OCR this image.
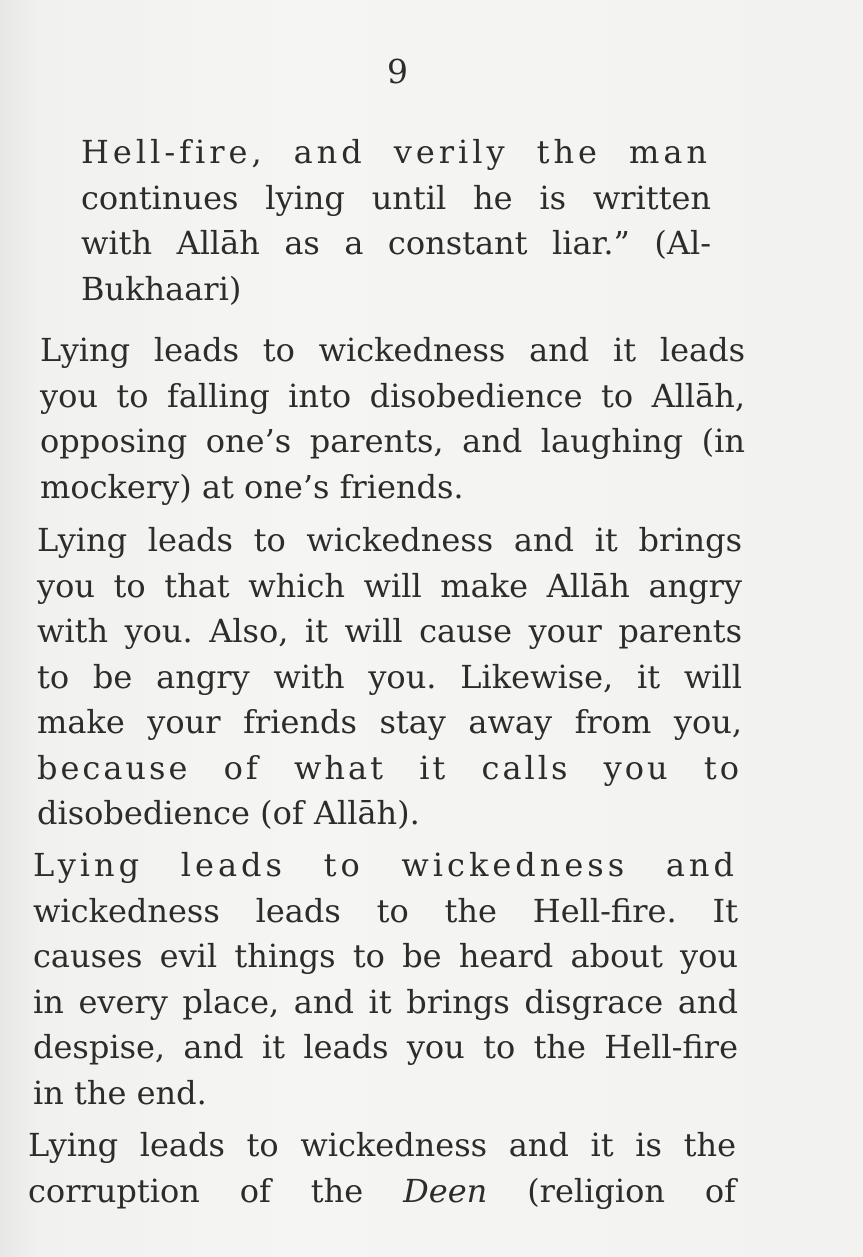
9
Hell-fire, and verily the man
continues lying until he is written
with Allāh as a constant liar.” (Al-
Bukhaari)
Lying leads to wickedness and it leads
you to falling into disobedience to Allāh,
opposing one’s parents, and laughing (in
mockery) at one’s friends.
Lying leads to wickedness and it brings
you to that which will make Allāh angry
with you. Also, it will cause your parents
to be angry with you. Likewise, it will
make your friends stay away from you,
because of what it calls you to
disobedience (of Allāh).
Lying leads to wickedness and
wickedness leads to the Hell-fire. It
causes evil things to be heard about you
in every place, and it brings disgrace and
despise, and it leads you to the Hell-fire
in the end.
Lying leads to wickedness and it is the
corruption of the Deen (religion of
